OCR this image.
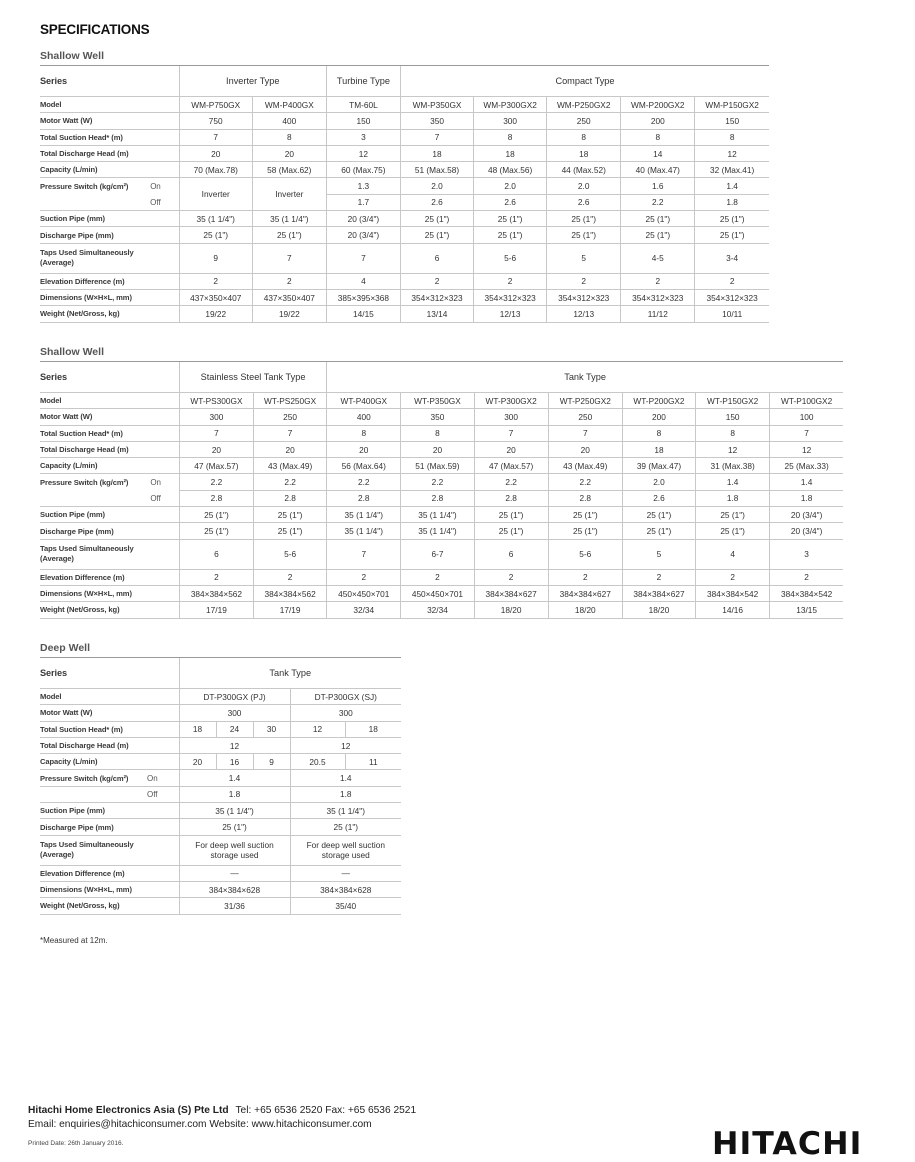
SPECIFICATIONS
Shallow Well
Series	Inverter Type		Turbine Type	Compact Type				
Model	WM-P750GX	WM-P400GX	TM-60L	WM-P350GX	WM-P300GX2	WM-P250GX2	WM-P200GX2	WM-P150GX2
Motor Watt (W)	750	400	150	350	300	250	200	150
Total Suction Head* (m)	7	8	3	7	8	8	8	8
Total Discharge Head (m)	20	20	12	18	18	18	14	12
Capacity (L/min)	70 (Max.78)	58 (Max.62)	60 (Max.75)	51 (Max.58)	48 (Max.56)	44 (Max.52)	40 (Max.47)	32 (Max.41)
Pressure Switch (kg/cm²) On	Inverter	Inverter	1.3	2.0	2.0	2.0	1.6	1.4
Off			1.7	2.6	2.6	2.6	2.2	1.8
Suction Pipe (mm)	35 (1 1/4")	35 (1 1/4")	20 (3/4")	25 (1")	25 (1")	25 (1")	25 (1")	25 (1")
Discharge Pipe (mm)	25 (1")	25 (1")	20 (3/4")	25 (1")	25 (1")	25 (1")	25 (1")	25 (1")

Taps Used Simultaneously (Average)	9	7	7	6	5-6	5	4-5	3-4
Elevation Difference (m)	2	2	4	2	2	2	2	2
Dimensions (W×H×L, mm)	437×350×407	437×350×407	385×395×368	354×312×323	354×312×323	354×312×323	354×312×323	354×312×323
Weight (Net/Gross, kg)	19/22	19/22	14/15	13/14	12/13	12/13	11/12	10/11
Shallow Well
Series	Stainless Steel Tank Type		Tank Type						
Model	WT-PS300GX	WT-PS250GX	WT-P400GX	WT-P350GX	WT-P300GX2	WT-P250GX2	WT-P200GX2	WT-P150GX2	WT-P100GX2
Motor Watt (W)	300	250	400	350	300	250	200	150	100
Total Suction Head* (m)	7	7	8	8	7	7	8	8	7
Total Discharge Head (m)	20	20	20	20	20	20	18	12	12
Capacity (L/min)	47 (Max.57)	43 (Max.49)	56 (Max.64)	51 (Max.59)	47 (Max.57)	43 (Max.49)	39 (Max.47)	31 (Max.38)	25 (Max.33)
Pressure Switch (kg/cm²) On	2.2	2.2	2.2	2.2	2.2	2.2	2.0	1.4	1.4
Off	2.8	2.8	2.8	2.8	2.8	2.8	2.6	1.8	1.8
Suction Pipe (mm)	25 (1")	25 (1")	35 (1 1/4")	35 (1 1/4")	25 (1")	25 (1")	25 (1")	25 (1")	20 (3/4")
Discharge Pipe (mm)	25 (1")	25 (1")	35 (1 1/4")	35 (1 1/4")	25 (1")	25 (1")	25 (1")	25 (1")	20 (3/4")

Taps Used Simultaneously (Average)	6	5-6	7	6-7	6	5-6	5	4	3
Elevation Difference (m)	2	2	2	2	2	2	2	2	2
Dimensions (W×H×L, mm)	384×384×562	384×384×562	450×450×701	450×450×701	384×384×627	384×384×627	384×384×627	384×384×542	384×384×542
Weight (Net/Gross, kg)	17/19	17/19	32/34	32/34	18/20	18/20	18/20	14/16	13/15
Deep Well
Series		Tank Type				
Model		DT-P300GX (PJ)			DT-P300GX (SJ)	
Motor Watt (W)		300			300	
Total Suction Head* (m)		18	24	30	12	18
Total Discharge Head (m)		12			12	
Capacity (L/min)		20	16	9	20.5	11
Pressure Switch (kg/cm²)	On	1.4			1.4	
	Off	1.8			1.8	
Suction Pipe (mm)		35 (1 1/4")			35 (1 1/4")	
Discharge Pipe (mm)		25 (1")			25 (1")	

Taps Used Simultaneously (Average)		For deep well suction storage used			For deep well suction storage used	

Elevation Difference (m)		—			—	
Dimensions (W×H×L, mm)		384×384×628			384×384×628	
Weight (Net/Gross, kg)		31/36			35/40	
*Measured at 12m.
Hitachi Home Electronics Asia (S) Pte Ltd Tel: +65 6536 2520 Fax: +65 6536 2521
Email: enquiries@hitachiconsumer.com Website: www.hitachiconsumer.com
Printed Date: 26th January 2016.	HITACHI
